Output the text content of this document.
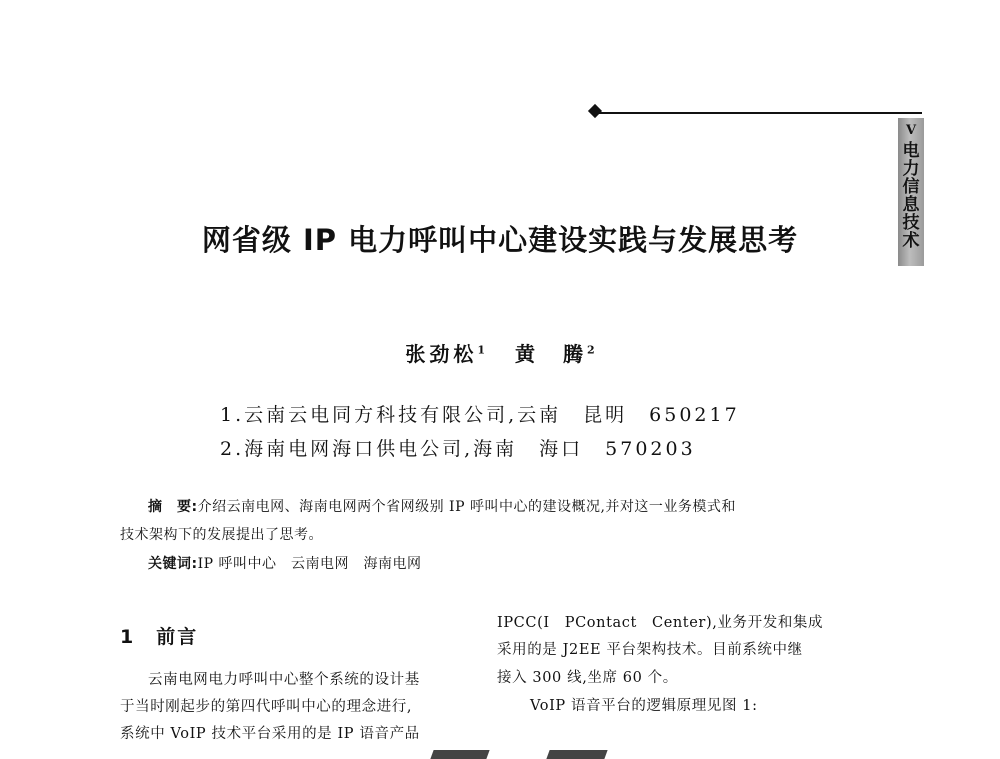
V
电
力
信
息
技
术
网省级 IP 电力呼叫中心建设实践与发展思考
张劲松$^1$ 黄　腾$^2$
1.云南云电同方科技有限公司,云南　昆明　650217
2.海南电网海口供电公司,海南　海口　570203
摘　要:介绍云南电网、海南电网两个省网级别 IP 呼叫中心的建设概况,并对这一业务模式和
技术架构下的发展提出了思考。
关键词:IP 呼叫中心　云南电网　海南电网
1　前言
云南电网电力呼叫中心整个系统的设计基
于当时刚起步的第四代呼叫中心的理念进行,
系统中 VoIP 技术平台采用的是 IP 语音产品
IPCC(I　PContact　Center),业务开发和集成
采用的是 J2EE 平台架构技术。目前系统中继
接入 300 线,坐席 60 个。
VoIP 语音平台的逻辑原理见图 1:
